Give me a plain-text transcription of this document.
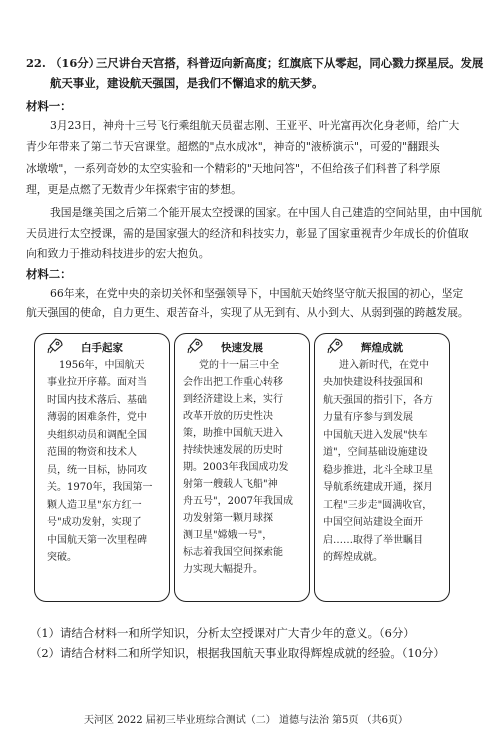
22. （16分）
三尺讲台天宫搭，科普迈向新高度；红旗底下从零起，同心戮力探星辰。发展
航天事业，建设航天强国，是我们不懈追求的航天梦。
材料一：
3月23日，神舟十三号飞行乘组航天员翟志刚、王亚平、叶光富再次化身老师，给广大
青少年带来了第二节天宫课堂。超燃的"点水成冰"，神奇的"液桥演示"，可爱的"翻跟头
冰墩墩"，一系列奇妙的太空实验和一个精彩的"天地问答"，不但给孩子们科普了科学原
理，更是点燃了无数青少年探索宇宙的梦想。
我国是继美国之后第二个能开展太空授课的国家。在中国人自己建造的空间站里，由中国航
天员进行太空授课，需的是国家强大的经济和科技实力，彰显了国家重视青少年成长的价值取
向和致力于推动科技进步的宏大抱负。
材料二：
66年来，在党中央的亲切关怀和坚强领导下，中国航天始终坚守航天报国的初心，坚定
航天强国的使命，自力更生、艰苦奋斗，实现了从无到有、从小到大、从弱到强的跨越发展。
白手起家
1956年，中国航天
事业拉开序幕。面对当
时国内技术落后、基础
薄弱的困难条件，党中
央组织动员和调配全国
范围的物资和技术人
员，统一目标，协同攻
关。1970年，我国第一
颗人造卫星"东方红一
号"成功发射，实现了
中国航天第一次里程碑
突破。
快速发展
党的十一届三中全
会作出把工作重心转移
到经济建设上来，实行
改革开放的历史性决
策，助推中国航天进入
持续快速发展的历史时
期。2003年我国成功发
射第一艘载人飞船"神
舟五号"，2007年我国成
功发射第一颗月球探
测卫星"嫦娥一号"，
标志着我国空间探索能
力实现大幅提升。
辉煌成就
进入新时代，在党中
央加快建设科技强国和
航天强国的指引下，各方
力量有序参与到发展
中国航天进入发展"快车
道"，空间基础设施建设
稳步推进，北斗全球卫星
导航系统建成开通，探月
工程"三步走"圆满收官，
中国空间站建设全面开
启……取得了举世瞩目
的辉煌成就。
（1）请结合材料一和所学知识，分析太空授课对广大青少年的意义。（6分）
（2）请结合材料二和所学知识，根据我国航天事业取得辉煌成就的经验。（10分）
天河区 2022 届初三毕业班综合测试（二） 道德与法治 第5页 （共6页）
